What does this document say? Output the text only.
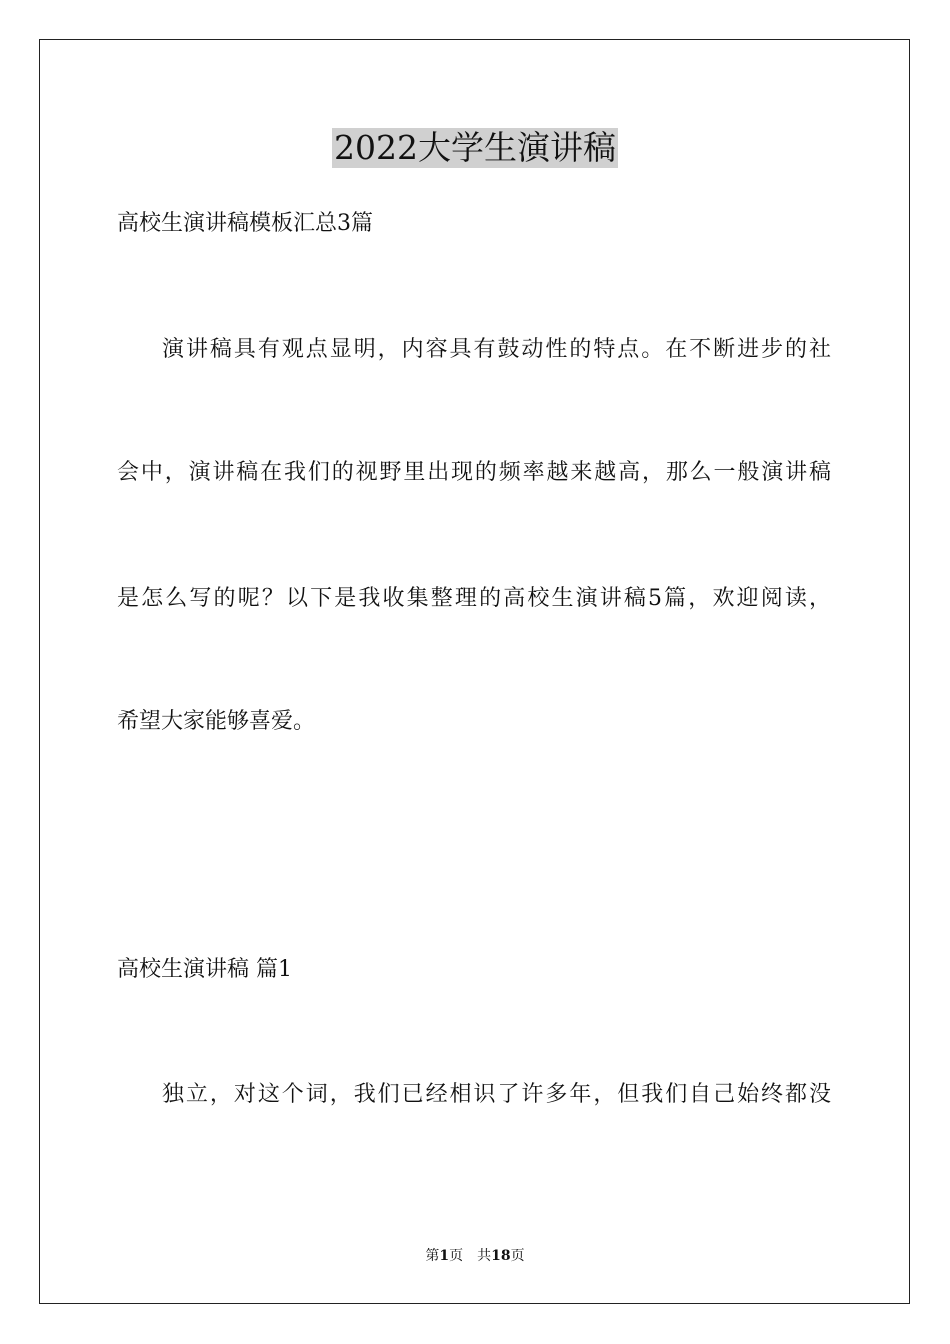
2022大学生演讲稿
高校生演讲稿模板汇总3篇
演讲稿具有观点显明，内容具有鼓动性的特点。在不断进步的社
会中，演讲稿在我们的视野里出现的频率越来越高，那么一般演讲稿
是怎么写的呢？以下是我收集整理的高校生演讲稿5篇，欢迎阅读，
希望大家能够喜爱。
高校生演讲稿 篇1
独立，对这个词，我们已经相识了许多年，但我们自己始终都没
第1页 共18页
